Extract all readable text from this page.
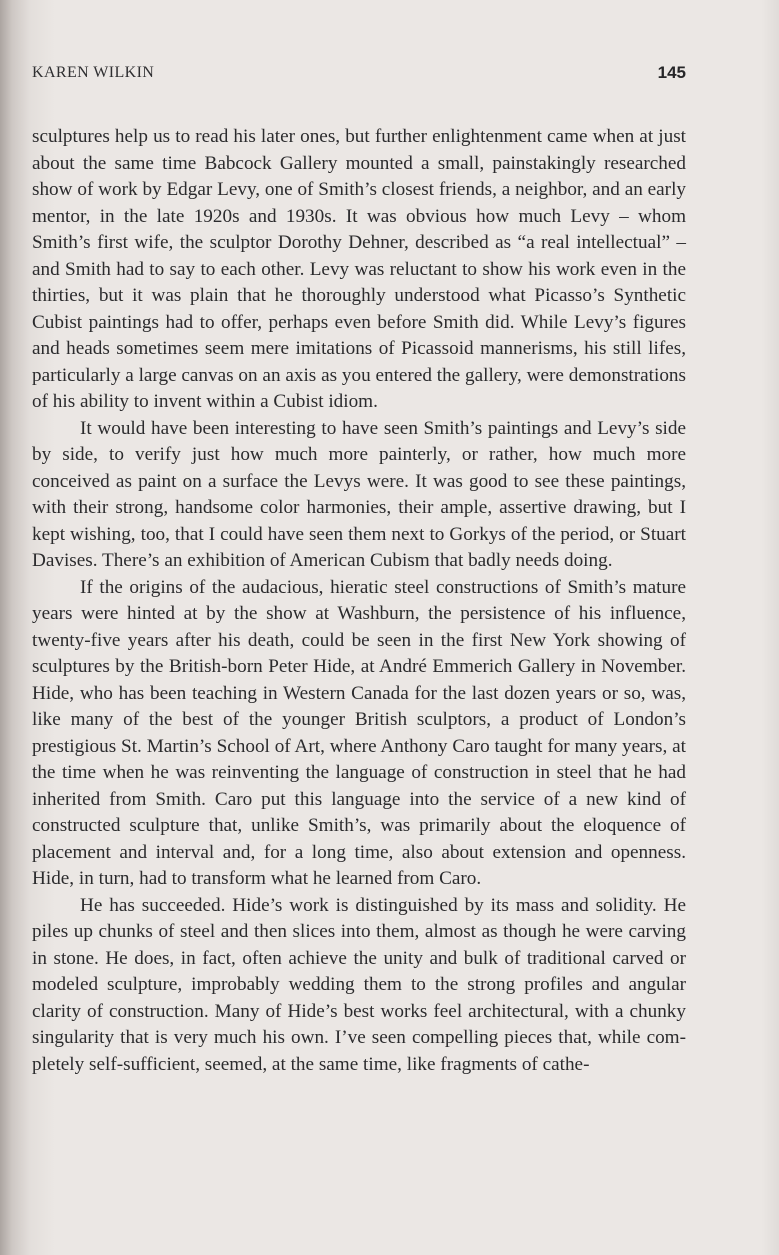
KAREN WILKIN	145

sculptures help us to read his later ones, but further enlightenment came when at just about the same time Babcock Gallery mounted a small, painstakingly researched show of work by Edgar Levy, one of Smith’s closest friends, a neighbor, and an early mentor, in the late 1920s and 1930s. It was obvious how much Levy – whom Smith’s first wife, the sculptor Dorothy Dehner, described as “a real intellectual” – and Smith had to say to each other. Levy was reluctant to show his work even in the thirties, but it was plain that he thoroughly understood what Picasso’s Synthetic Cubist paintings had to offer, perhaps even before Smith did. While Levy’s figures and heads sometimes seem mere imitations of Picassoid mannerisms, his still lifes, particularly a large canvas on an axis as you entered the gallery, were demonstrations of his ability to invent within a Cubist idiom.

It would have been interesting to have seen Smith’s paintings and Levy’s side by side, to verify just how much more painterly, or rather, how much more conceived as paint on a surface the Levys were. It was good to see these paintings, with their strong, handsome color harmonies, their ample, assertive drawing, but I kept wishing, too, that I could have seen them next to Gorkys of the period, or Stuart Davises. There’s an exhibition of American Cubism that badly needs doing.

If the origins of the audacious, hieratic steel constructions of Smith’s mature years were hinted at by the show at Washburn, the persistence of his influence, twenty-five years after his death, could be seen in the first New York showing of sculptures by the British-born Peter Hide, at André Emmerich Gallery in November. Hide, who has been teaching in Western Canada for the last dozen years or so, was, like many of the best of the younger British sculptors, a product of London’s prestigious St. Martin’s School of Art, where Anthony Caro taught for many years, at the time when he was reinventing the language of construction in steel that he had inherited from Smith. Caro put this language into the service of a new kind of constructed sculpture that, unlike Smith’s, was primarily about the eloquence of placement and interval and, for a long time, also about extension and openness. Hide, in turn, had to transform what he learned from Caro.

He has succeeded. Hide’s work is distinguished by its mass and solidity. He piles up chunks of steel and then slices into them, almost as though he were carving in stone. He does, in fact, often achieve the unity and bulk of traditional carved or modeled sculpture, improbably wedding them to the strong profiles and angular clarity of construction. Many of Hide’s best works feel architectural, with a chunky singularity that is very much his own. I’ve seen compelling pieces that, while completely self-sufficient, seemed, at the same time, like fragments of cathe-
